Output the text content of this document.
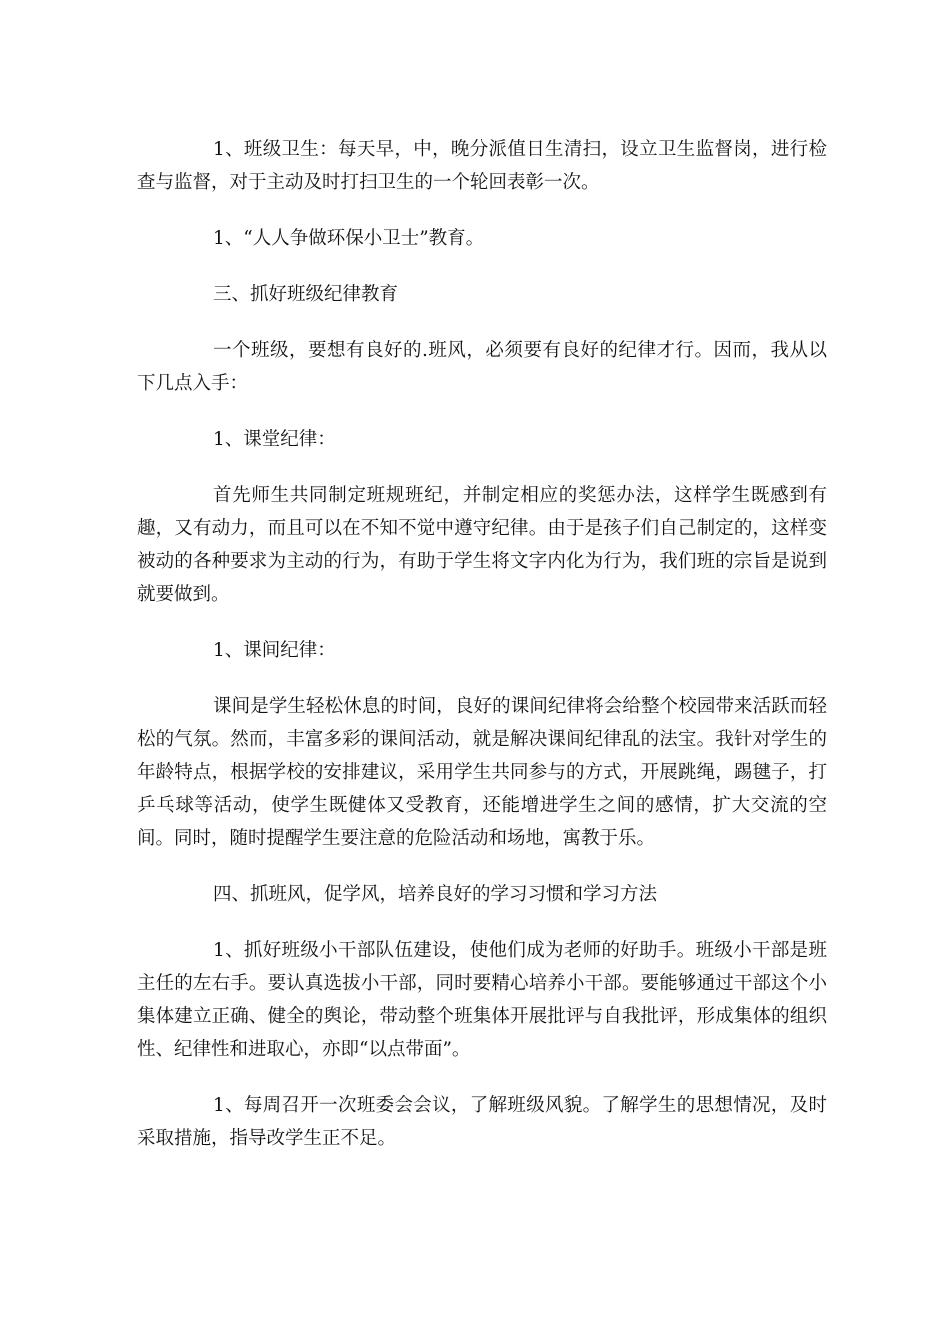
1、班级卫生：每天早，中，晚分派值日生清扫，设立卫生监督岗，进行检查与监督，对于主动及时打扫卫生的一个轮回表彰一次。

1、“人人争做环保小卫士”教育。

三、抓好班级纪律教育

一个班级，要想有良好的.班风，必须要有良好的纪律才行。因而，我从以下几点入手：

1、课堂纪律：

首先师生共同制定班规班纪，并制定相应的奖惩办法，这样学生既感到有趣，又有动力，而且可以在不知不觉中遵守纪律。由于是孩子们自己制定的，这样变被动的各种要求为主动的行为，有助于学生将文字内化为行为，我们班的宗旨是说到就要做到。

1、课间纪律：

课间是学生轻松休息的时间，良好的课间纪律将会给整个校园带来活跃而轻松的气氛。然而，丰富多彩的课间活动，就是解决课间纪律乱的法宝。我针对学生的年龄特点，根据学校的安排建议，采用学生共同参与的方式，开展跳绳，踢毽子，打乒乓球等活动，使学生既健体又受教育，还能增进学生之间的感情，扩大交流的空间。同时，随时提醒学生要注意的危险活动和场地，寓教于乐。

四、抓班风，促学风，培养良好的学习习惯和学习方法

1、抓好班级小干部队伍建设，使他们成为老师的好助手。班级小干部是班主任的左右手。要认真选拔小干部，同时要精心培养小干部。要能够通过干部这个小集体建立正确、健全的舆论，带动整个班集体开展批评与自我批评，形成集体的组织性、纪律性和进取心，亦即“以点带面”。

1、每周召开一次班委会会议，了解班级风貌。了解学生的思想情况，及时采取措施，指导改学生正不足。
